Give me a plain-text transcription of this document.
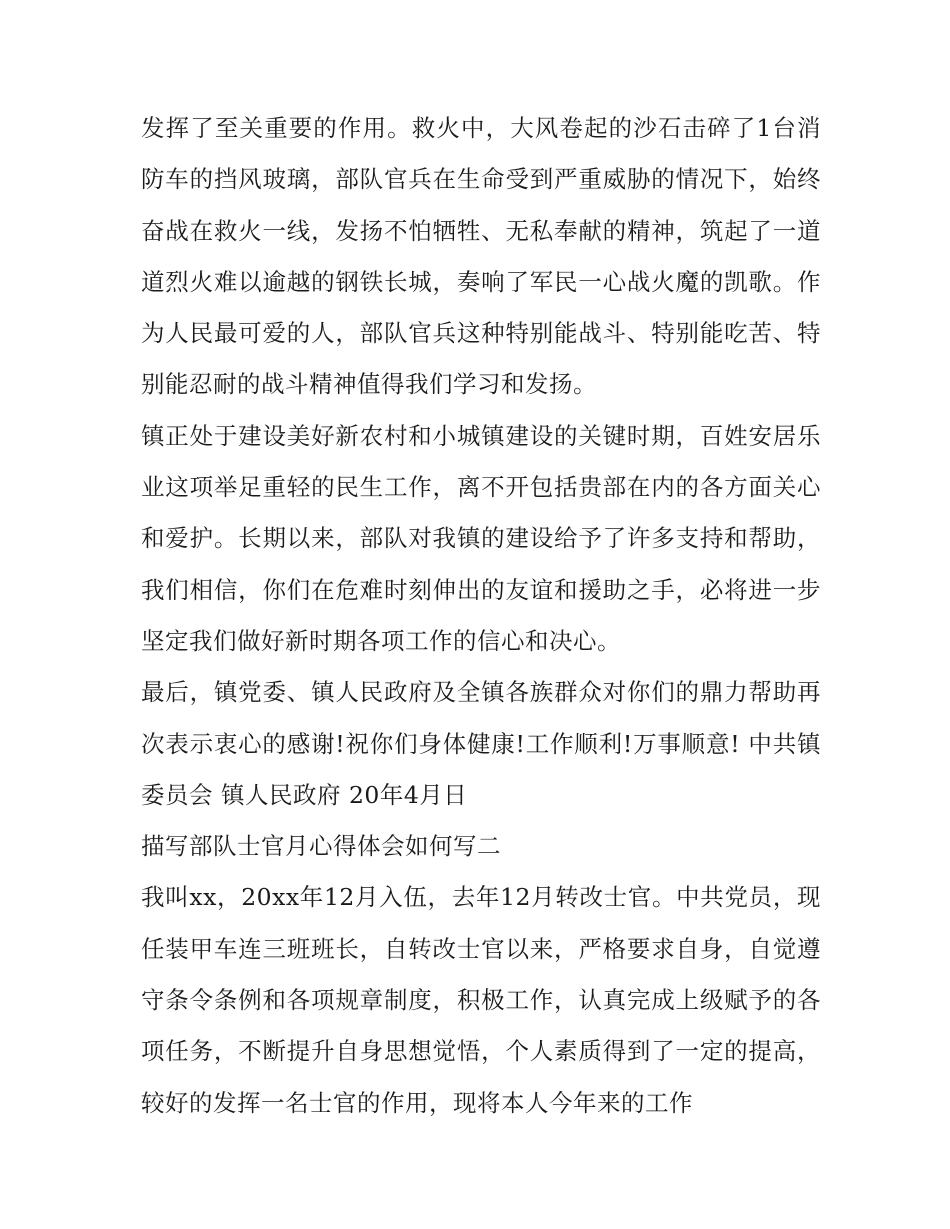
发挥了至关重要的作用。救火中，大风卷起的沙石击碎了1台消防车的挡风玻璃，部队官兵在生命受到严重威胁的情况下，始终奋战在救火一线，发扬不怕牺牲、无私奉献的精神，筑起了一道道烈火难以逾越的钢铁长城，奏响了军民一心战火魔的凯歌。作为人民最可爱的人，部队官兵这种特别能战斗、特别能吃苦、特别能忍耐的战斗精神值得我们学习和发扬。

镇正处于建设美好新农村和小城镇建设的关键时期，百姓安居乐业这项举足重轻的民生工作，离不开包括贵部在内的各方面关心和爱护。长期以来，部队对我镇的建设给予了许多支持和帮助，我们相信，你们在危难时刻伸出的友谊和援助之手，必将进一步坚定我们做好新时期各项工作的信心和决心。

最后，镇党委、镇人民政府及全镇各族群众对你们的鼎力帮助再次表示衷心的感谢!祝你们身体健康!工作顺利!万事顺意! 中共镇委员会 镇人民政府 20年4月日

描写部队士官月心得体会如何写二

我叫xx，20xx年12月入伍，去年12月转改士官。中共党员，现任装甲车连三班班长，自转改士官以来，严格要求自身，自觉遵守条令条例和各项规章制度，积极工作，认真完成上级赋予的各项任务，不断提升自身思想觉悟，个人素质得到了一定的提高，较好的发挥一名士官的作用，现将本人今年来的工作
